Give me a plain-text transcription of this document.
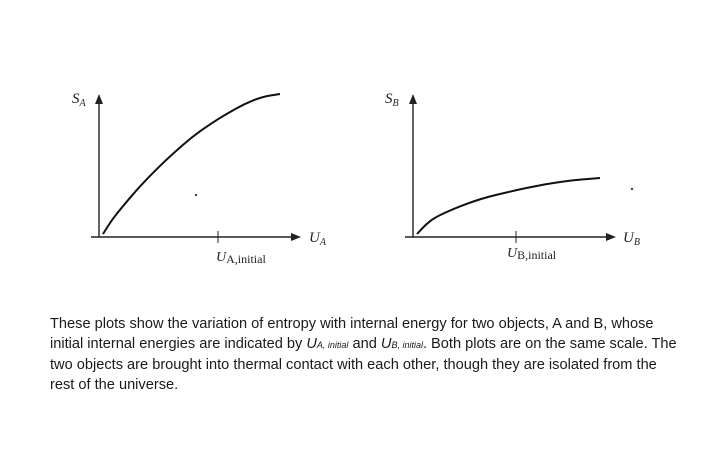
$S_A$
$U_A$
UA,initial
$S_B$
$U_B$
UB,initial
These plots show the variation of entropy with internal energy for two objects, A and B, whose initial internal energies are indicated by UA, initial and UB, initial. Both plots are on the same scale. The two objects are brought into thermal contact with each other, though they are isolated from the rest of the universe.
